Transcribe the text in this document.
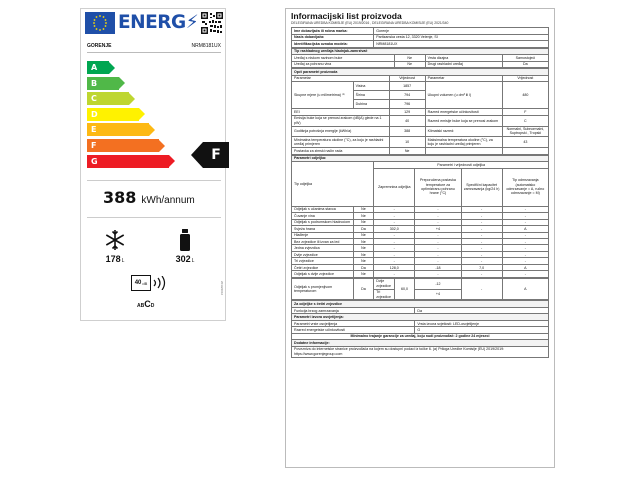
ENERG⚡
GORENJE	NRM8181UX
A
B
C
D
E
F
G	F
388 kWh/annum
178L	302L
40 dB
ABCD
2019/2016
Informacijski list proizvoda
DELEGIRANA UREDBA KOMISIJE (EU) 2019/2016 , DELEGIRANA UREDBA KOMISIJE (EU) 2021/340
Ime dobavljača ili robna marka:	Gorenje
Nasis dobavljača:	Partizanska cesta 12, 3320 Velenje, SI
Identifikacijska oznaka modela:	NRM8181UX
Tip rashladnog uređaja hladnjak-zamrzivač			
Uređaj s niskom razinom buke	Ne	Vrsta dizajna	Samostojeći
Uređaj za pohranu vina	Ne	Drugi rashladni uređaj	Da
Opći parametri proizvoda				
Parametar		Vrijednost	Parametar	Vrijednost
Skupne mjere (u milimetrima) ⁽¹⁾	Visina	1857	Ukupni volumen (u dm³ ili l)	480
	Širina	794		
	Dubina	796		
EEI		129	Razred energetske učinkovitosti	F
Emisija buke koja se prenosi zrakom (dB(A) glede na 1 pW)		40	Razred emisije buke koja se prenosi zrakom	C
Godišnja potrošnja energije (kWh/a)		388	Klimatski razred:	Normalni, Subnormalni, Suptropski , Tropski
Minimalna temperatura okoline (°C), za koju je rashladni uređaj primjeren		10	Maksimalna temperatura okoline (°C), za koju je rashladni uređaj primjeren	43
Postavka za zimski način rada		Ne		
Parametri odjeljka:					
Tip odjeljka		Parametri i vrijednosti odjeljka			
		Zapremnina odjeljka	Preporučena postavka temperature za optimiziranu pohranu hrane (°C)	Specifični kapacitet zamrzavanja (kg/24 h)	Tip odmrzavanja (automatsko odmrzavanje = A, ručno odmrzavanje = M)
Odjeljak s učanima stavca	Ne	-	-	-	-
Čuvanje vina	Ne	-	-	-	-
Odjeljak s podrumskom hladnoćom	Ne	-	-	-	-
Svježa hrana	Da	302,0	+4	-	A
Hlađenje	Ne	-	-	-	-
Bez zvjezdice ili izvan za led	Ne	-	-	-	-
Jedna zvjezdica	Ne	-	-	-	-
Dvije zvjezdice	Ne	-	-	-	-
Tri zvjezdice	Ne	-	-	-	-
Četiri zvjezdice	Da	128,0	-18	7,0	A
Odjeljak s dvije zvjezdice	Ne	-	-	-	-
Odjeljak s promjenjivom temperaturom	Da	Dvije zvjezdice	60,0	-12	-	A
		Tri zvjezdice		+4		
Za odjeljke s četiri zvjezdice	
Funkcija brzog zamrzavanja	Da
Parametri izvora osvjetljenja:	
Parametri vrste osvjetljenja	Vrsta izvora svjetlosti: LED-osvjetljenje
Razred energetske učinkovitosti	G
Minimalno trajanje garancije za uređaj, koju nudi proizvođač: 2 godine 24 mjeseci	
Dodatne informacije:	
Povezniva do internetske stranice proizvođača na kojem su dostupni podaci iz točke 6. (a) Priloga Uredbe Komisije (EU) 2019/2019: https://www.gorenjegroup.com	
